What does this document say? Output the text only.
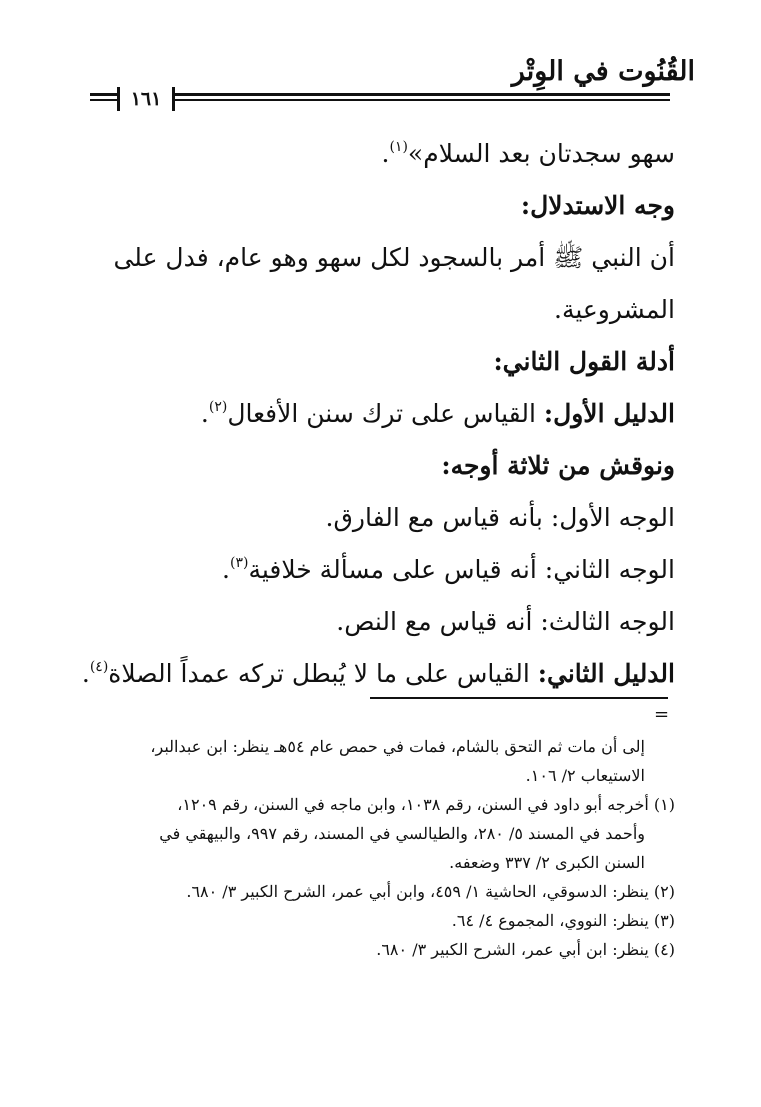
القُنُوت في الوِتْر
١٦١

سهو سجدتان بعد السلام»$^{(١)}$.

وجه الاستدلال:

أن النبي ﷺ أمر بالسجود لكل سهو وهو عام، فدل على

المشروعية.

أدلة القول الثاني:

الدليل الأول: القياس على ترك سنن الأفعال$^{(٢)}$.

ونوقش من ثلاثة أوجه:

الوجه الأول: بأنه قياس مع الفارق.

الوجه الثاني: أنه قياس على مسألة خلافية$^{(٣)}$.

الوجه الثالث: أنه قياس مع النص.

الدليل الثاني: القياس على ما لا يُبطل تركه عمداً الصلاة$^{(٤)}$.

=

إلى أن مات ثم التحق بالشام، فمات في حمص عام ٥٤هـ ينظر: ابن عبدالبر،

الاستيعاب ٢/ ١٠٦.

(١) أخرجه أبو داود في السنن، رقم ١٠٣٨، وابن ماجه في السنن، رقم ١٢٠٩،

وأحمد في المسند ٥/ ٢٨٠، والطيالسي في المسند، رقم ٩٩٧، والبيهقي في

السنن الكبرى ٢/ ٣٣٧ وضعفه.

(٢) ينظر: الدسوقي، الحاشية ١/ ٤٥٩، وابن أبي عمر، الشرح الكبير ٣/ ٦٨٠.

(٣) ينظر: النووي، المجموع ٤/ ٦٤.

(٤) ينظر: ابن أبي عمر، الشرح الكبير ٣/ ٦٨٠.
